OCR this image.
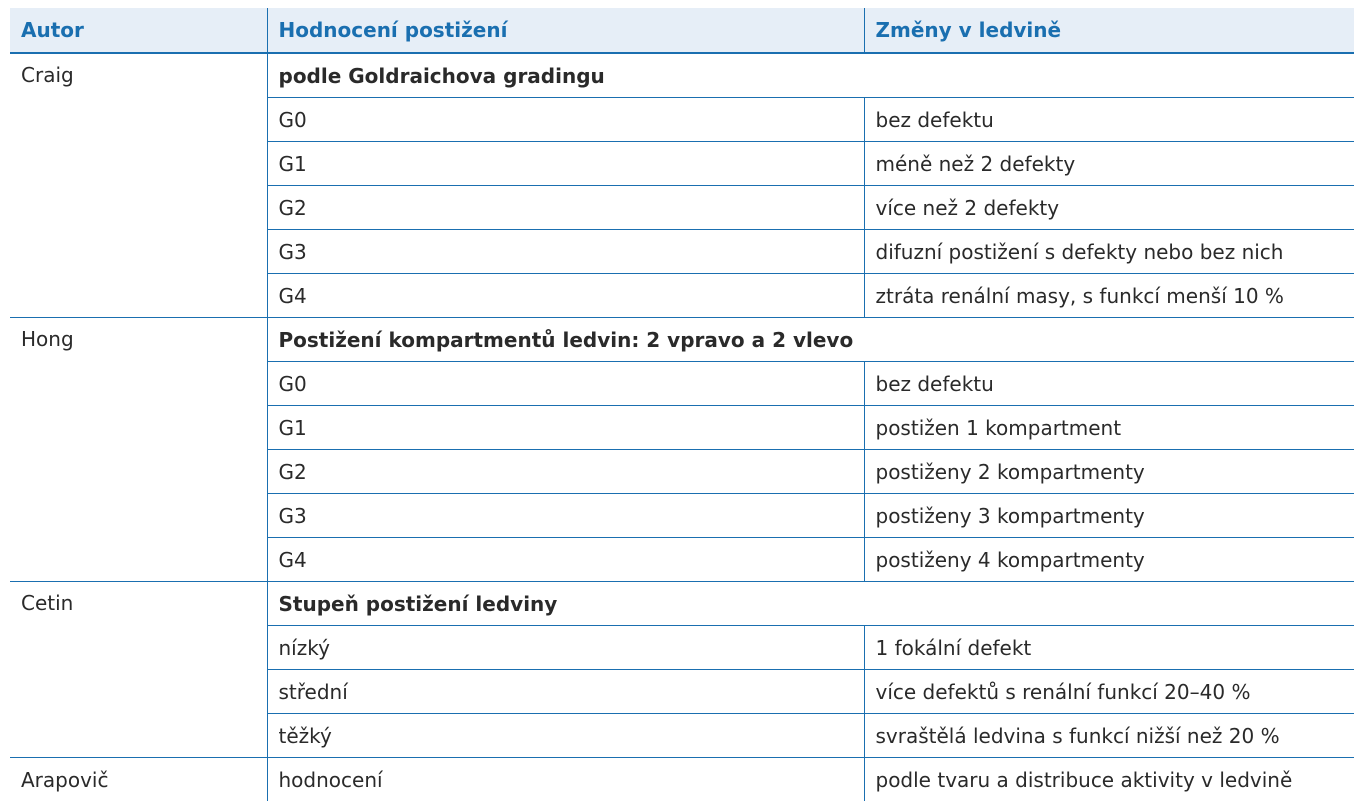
Autor	Hodnocení postižení	Změny v ledvině
Craig	podle Goldraichova gradingu	
	G0	bez defektu
	G1	méně než 2 defekty
	G2	více než 2 defekty
	G3	difuzní postižení s defekty nebo bez nich
	G4	ztráta renální masy, s funkcí menší 10 %
Hong	Postižení kompartmentů ledvin: 2 vpravo a 2 vlevo	
	G0	bez defektu
	G1	postižen 1 kompartment
	G2	postiženy 2 kompartmenty
	G3	postiženy 3 kompartmenty
	G4	postiženy 4 kompartmenty
Cetin	Stupeň postižení ledviny	
	nízký	1 fokální defekt
	střední	více defektů s renální funkcí 20–40 %
	těžký	svraštělá ledvina s funkcí nižší než 20 %
Arapovič	hodnocení	podle tvaru a distribuce aktivity v ledvině
